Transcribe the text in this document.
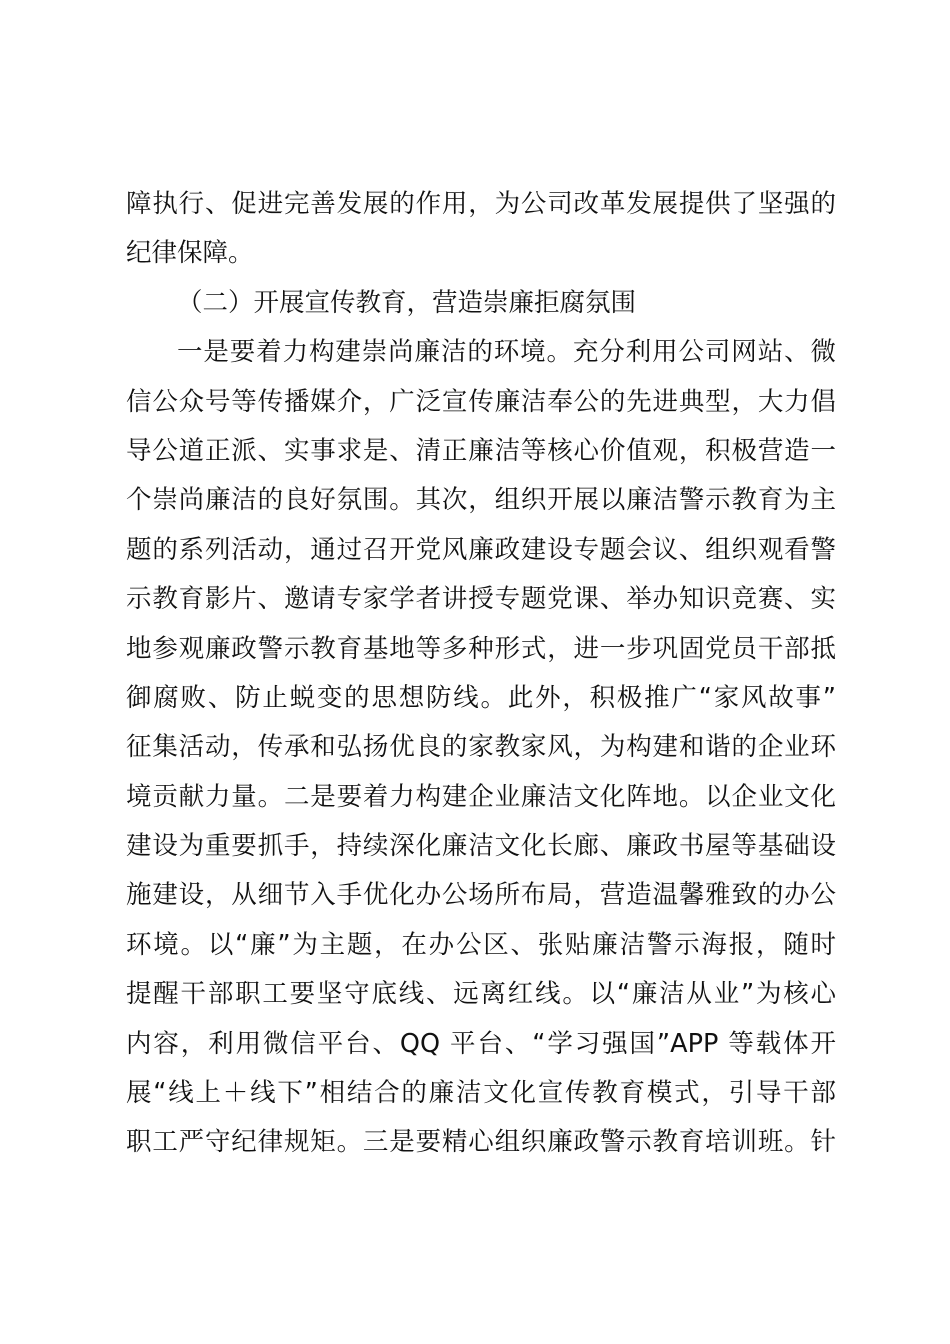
障执行、促进完善发展的作用，为公司改革发展提供了坚强的
纪律保障。
（二）开展宣传教育，营造崇廉拒腐氛围
一是要着力构建崇尚廉洁的环境。充分利用公司网站、微
信公众号等传播媒介，广泛宣传廉洁奉公的先进典型，大力倡
导公道正派、实事求是、清正廉洁等核心价值观，积极营造一
个崇尚廉洁的良好氛围。其次，组织开展以廉洁警示教育为主
题的系列活动，通过召开党风廉政建设专题会议、组织观看警
示教育影片、邀请专家学者讲授专题党课、举办知识竞赛、实
地参观廉政警示教育基地等多种形式，进一步巩固党员干部抵
御腐败、防止蜕变的思想防线。此外，积极推广“家风故事”
征集活动，传承和弘扬优良的家教家风，为构建和谐的企业环
境贡献力量。二是要着力构建企业廉洁文化阵地。以企业文化
建设为重要抓手，持续深化廉洁文化长廊、廉政书屋等基础设
施建设，从细节入手优化办公场所布局，营造温馨雅致的办公
环境。以“廉”为主题，在办公区、张贴廉洁警示海报，随时
提醒干部职工要坚守底线、远离红线。以“廉洁从业”为核心
内容，利用微信平台、QQ 平台、“学习强国”APP 等载体开
展“线上＋线下”相结合的廉洁文化宣传教育模式，引导干部
职工严守纪律规矩。三是要精心组织廉政警示教育培训班。针
